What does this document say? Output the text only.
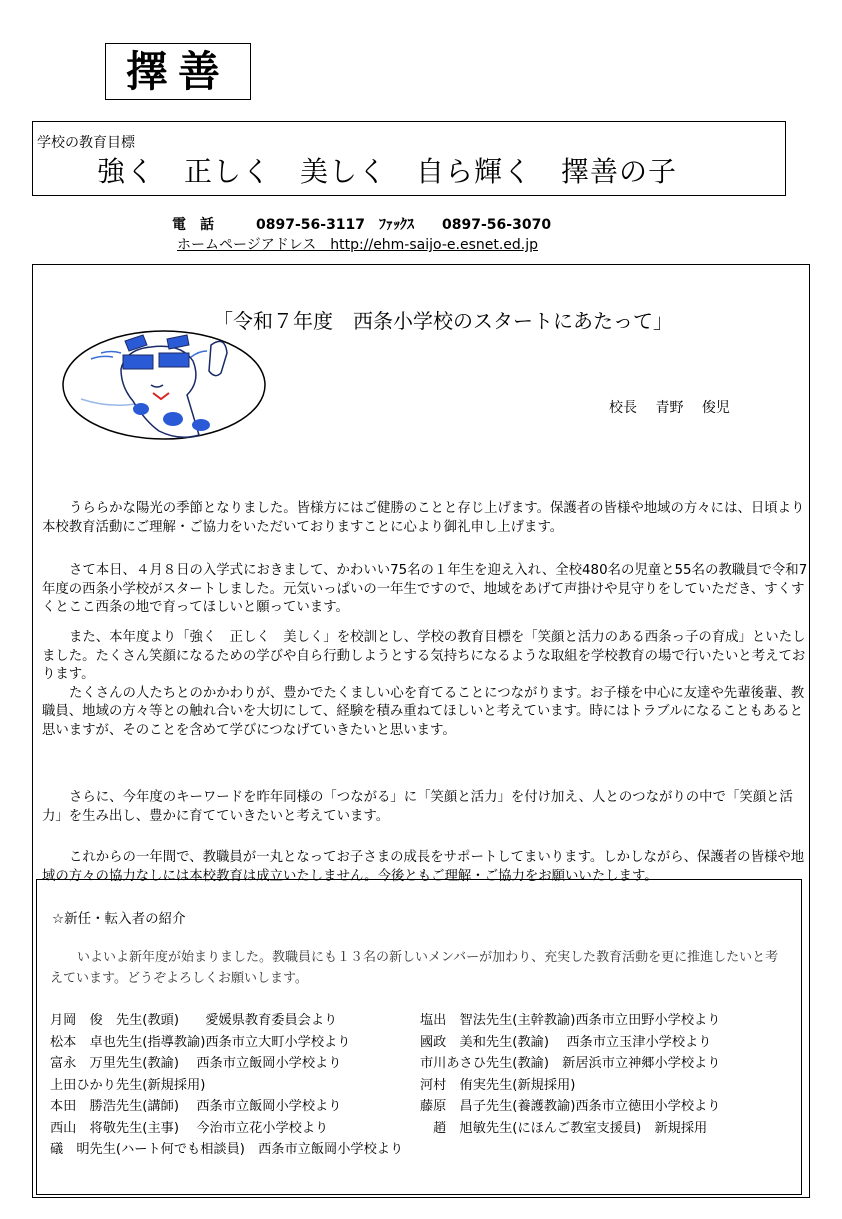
擇善
学校の教育目標
強く　正しく　美しく　自ら輝く　擇善の子
電　話　　　0897-56-3117　ﾌｧｯｸｽ　　0897-56-3070
ホームページアドレス　http://ehm-saijo-e.esnet.ed.jp
「令和７年度　西条小学校のスタートにあたって」
校長　 青野　 俊児

うららかな陽光の季節となりました。皆様方にはご健勝のことと存じ上げます。保護者の皆様や地域の方々には、日頃より本校教育活動にご理解・ご協力をいただいておりますことに心より御礼申し上げます。

さて本日、４月８日の入学式におきまして、かわいい75名の１年生を迎え入れ、全校480名の児童と55名の教職員で令和7年度の西条小学校がスタートしました。元気いっぱいの一年生ですので、地域をあげて声掛けや見守りをしていただき、すくすくとここ西条の地で育ってほしいと願っています。

また、本年度より「強く　正しく　美しく」を校訓とし、学校の教育目標を「笑顔と活力のある西条っ子の育成」といたしました。たくさん笑顔になるための学びや自ら行動しようとする気持ちになるような取組を学校教育の場で行いたいと考えております。
たくさんの人たちとのかかわりが、豊かでたくましい心を育てることにつながります。お子様を中心に友達や先輩後輩、教職員、地域の方々等との触れ合いを大切にして、経験を積み重ねてほしいと考えています。時にはトラブルになることもあると思いますが、そのことを含めて学びにつなげていきたいと思います。

さらに、今年度のキーワードを昨年同様の「つながる」に「笑顔と活力」を付け加え、人とのつながりの中で「笑顔と活力」を生み出し、豊かに育てていきたいと考えています。

これからの一年間で、教職員が一丸となってお子さまの成長をサポートしてまいります。しかしながら、保護者の皆様や地域の方々の協力なしには本校教育は成立いたしません。今後ともご理解・ご協力をお願いいたします。

☆新任・転入者の紹介
いよいよ新年度が始まりました。教職員にも１３名の新しいメンバーが加わり、充実した教育活動を更に推進したいと考えています。どうぞよろしくお願いします。
月岡　俊　先生(教頭)　　愛媛県教育委員会より	塩出　智法先生(主幹教諭)西条市立田野小学校より
松本　卓也先生(指導教諭)西条市立大町小学校より	國政　美和先生(教諭)　 西条市立玉津小学校より
富永　万里先生(教諭)　 西条市立飯岡小学校より	市川あさひ先生(教諭)　新居浜市立神郷小学校より
上田ひかり先生(新規採用)	河村　侑実先生(新規採用)
本田　勝浩先生(講師)　 西条市立飯岡小学校より	藤原　昌子先生(養護教諭)西条市立徳田小学校より
西山　将敬先生(主事)　 今治市立花小学校より	　趙　旭敏先生(にほんご教室支援員)　新規採用
礒　明先生(ハート何でも相談員)　西条市立飯岡小学校より
